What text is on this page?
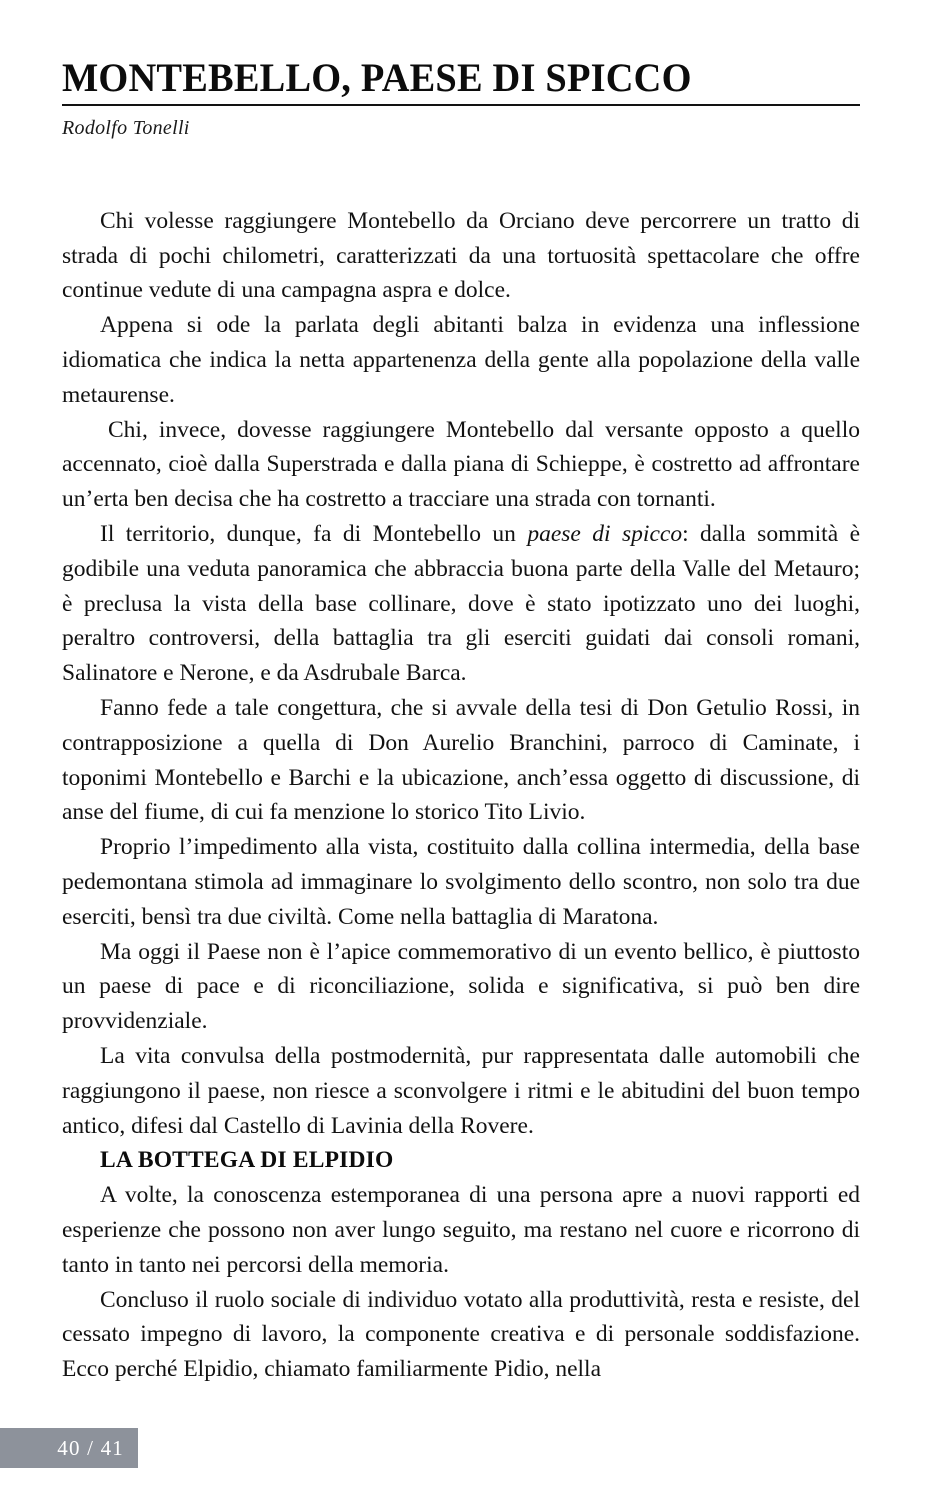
MONTEBELLO, PAESE DI SPICCO
Rodolfo Tonelli

Chi volesse raggiungere Montebello da Orciano deve percorrere un tratto di strada di pochi chilometri, caratterizzati da una tortuosità spettacolare che offre continue vedute di una campagna aspra e dolce.

Appena si ode la parlata degli abitanti balza in evidenza una inflessione idiomatica che indica la netta appartenenza della gente alla popolazione della valle metaurense.

Chi, invece, dovesse raggiungere Montebello dal versante opposto a quello accennato, cioè dalla Superstrada e dalla piana di Schieppe, è costretto ad affrontare un’erta ben decisa che ha costretto a tracciare una strada con tornanti.

Il territorio, dunque, fa di Montebello un paese di spicco: dalla sommità è godibile una veduta panoramica che abbraccia buona parte della Valle del Metauro; è preclusa la vista della base collinare, dove è stato ipotizzato uno dei luoghi, peraltro controversi, della battaglia tra gli eserciti guidati dai consoli romani, Salinatore e Nerone, e da Asdrubale Barca.

Fanno fede a tale congettura, che si avvale della tesi di Don Getulio Rossi, in contrapposizione a quella di Don Aurelio Branchini, parroco di Caminate, i toponimi Montebello e Barchi e la ubicazione, anch’essa oggetto di discussione, di anse del fiume, di cui fa menzione lo storico Tito Livio.

Proprio l’impedimento alla vista, costituito dalla collina intermedia, della base pedemontana stimola ad immaginare lo svolgimento dello scontro, non solo tra due eserciti, bensì tra due civiltà. Come nella battaglia di Maratona.

Ma oggi il Paese non è l’apice commemorativo di un evento bellico, è piuttosto un paese di pace e di riconciliazione, solida e significativa, si può ben dire provvidenziale.

La vita convulsa della postmodernità, pur rappresentata dalle automobili che raggiungono il paese, non riesce a sconvolgere i ritmi e le abitudini del buon tempo antico, difesi dal Castello di Lavinia della Rovere.

LA BOTTEGA DI ELPIDIO

A volte, la conoscenza estemporanea di una persona apre a nuovi rapporti ed esperienze che possono non aver lungo seguito, ma restano nel cuore e ricorrono di tanto in tanto nei percorsi della memoria.

Concluso il ruolo sociale di individuo votato alla produttività, resta e resiste, del cessato impegno di lavoro, la componente creativa e di personale soddisfazione. Ecco perché Elpidio, chiamato familiarmente Pidio, nella

40 / 41
